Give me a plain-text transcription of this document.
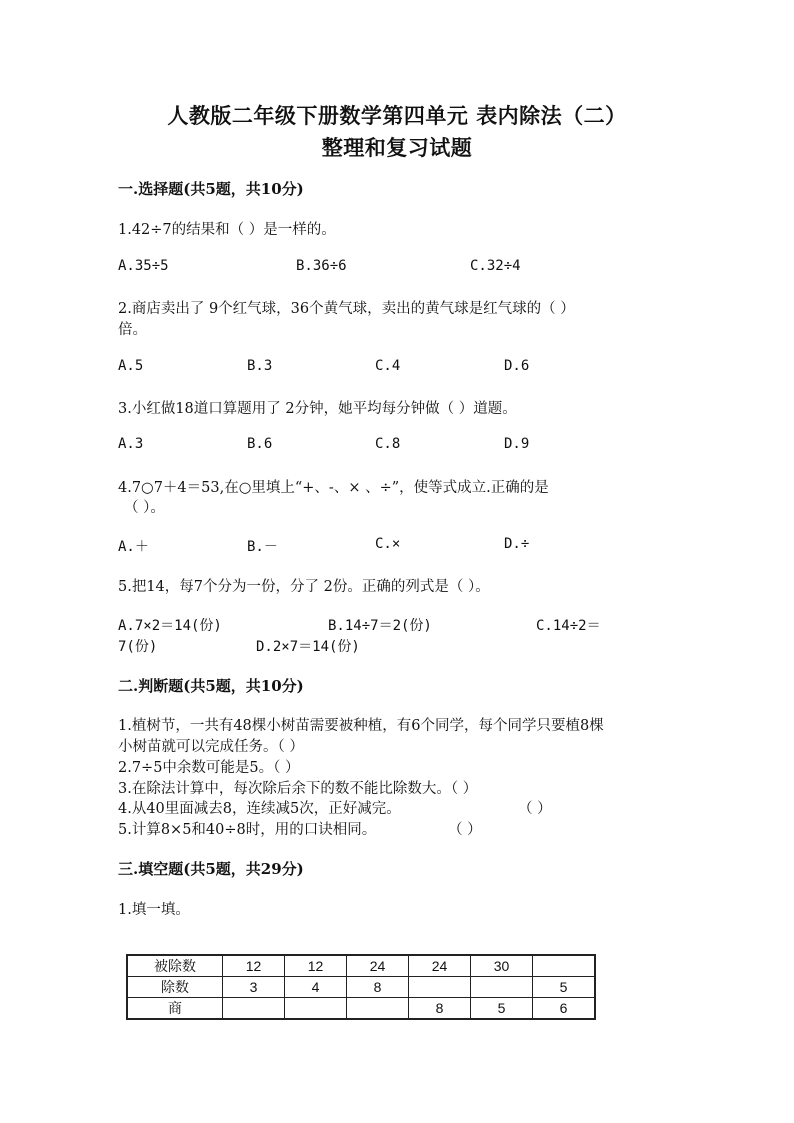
人教版二年级下册数学第四单元 表内除法（二）
整理和复习试题
一.选择题(共5题，共10分)
1.42÷7的结果和（ ）是一样的。
A.35÷5	B.36÷6	C.32÷4
2.商店卖出了 9个红气球，36个黄气球，卖出的黄气球是红气球的（ ）
倍。
A.5	B.3	C.4	D.6
3.小红做18道口算题用了 2分钟，她平均每分钟做（ ）道题。
A.3	B.6	C.8	D.9
4.7○7＋4＝53,在○里填上“+、-、× 、÷”，使等式成立.正确的是
（ ）。
A.＋	B.－	C.×	D.÷
5.把14，每7个分为一份，分了 2份。正确的列式是（ ）。
A.7×2＝14(份)	B.14÷7＝2(份)	C.14÷2＝
7(份)	D.2×7＝14(份)
二.判断题(共5题，共10分)
1.植树节，一共有48棵小树苗需要被种植，有6个同学，每个同学只要植8棵
小树苗就可以完成任务。（ ）
2.7÷5中余数可能是5。（ ）
3.在除法计算中，每次除后余下的数不能比除数大。（ ）
4.从40里面减去8，连续减5次，正好减完。	（ ）
5.计算8×5和40÷8时，用的口诀相同。	（ ）
三.填空题(共5题，共29分)
1.填一填。
被除数	12	12	24	24	30	
除数	3	4	8			5
商				8	5	6
